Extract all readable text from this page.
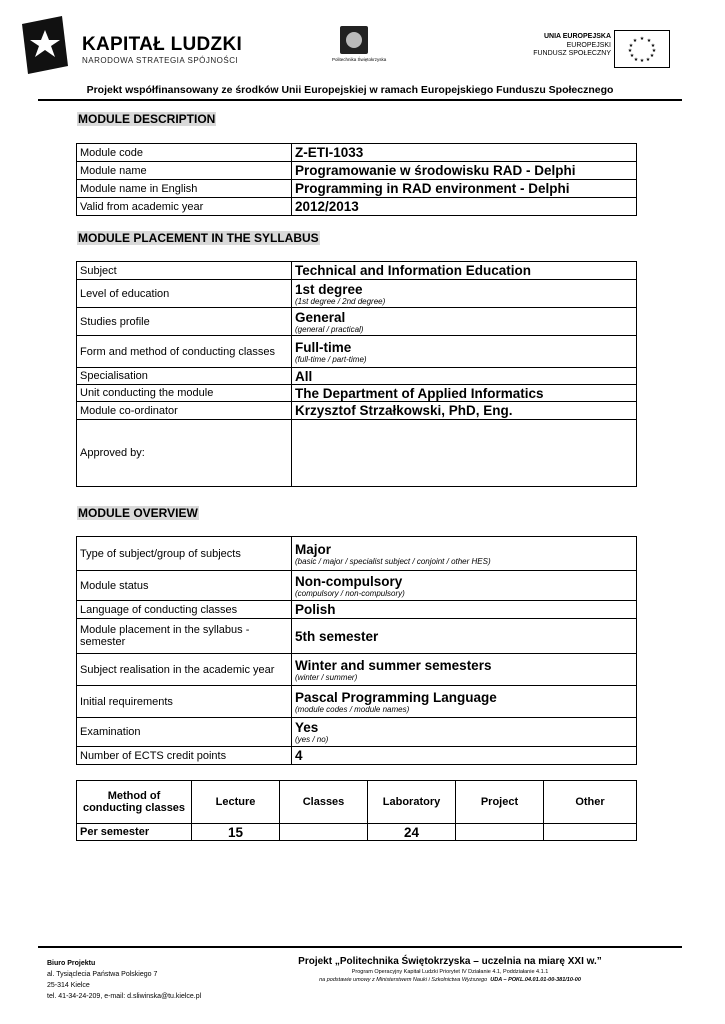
KAPITAŁ LUDZKI
NARODOWA STRATEGIA SPÓJNOŚCI	Politechnika Świętokrzyska
UNIA EUROPEJSKA
EUROPEJSKI
FUNDUSZ SPOŁECZNY
★ ★
★
★
★
★
★
★
★
★
★
★
Projekt współfinansowany ze środków Unii Europejskiej w ramach Europejskiego Funduszu Społecznego
MODULE DESCRIPTION
Module code	Z-ETI-1033
Module name	Programowanie w środowisku RAD - Delphi
Module name in English	Programming in RAD environment - Delphi
Valid from academic year	2012/2013
MODULE PLACEMENT IN THE SYLLABUS
Subject	Technical and Information Education
Level of education	1st degree
(1st degree / 2nd degree)

Studies profile	General
(general / practical)

Form and method of conducting classes	Full-time
(full-time / part-time)

Specialisation	All
Unit conducting the module	The Department of Applied Informatics
Module co-ordinator	Krzysztof Strzałkowski, PhD, Eng.
Approved by:	
MODULE OVERVIEW
Type of subject/group of subjects	Major
(basic / major / specialist subject / conjoint / other HES)

Module status	Non-compulsory
(compulsory / non-compulsory)

Language of conducting classes	Polish
Module placement in the syllabus - semester	5th semester
Subject realisation in the academic year	Winter and summer semesters
(winter / summer)

Initial requirements	Pascal Programming Language
(module codes / module names)

Examination	Yes
(yes / no)

Number of ECTS credit points	4
Method of conducting classes	Lecture	Classes	Laboratory	Project	Other
Per semester	15		24		
Biuro Projektu
al. Tysiąclecia Państwa Polskiego 7
25-314 Kielce
tel. 41-34-24-209, e-mail: d.sliwinska@tu.kielce.pl
Projekt „Politechnika Świętokrzyska – uczelnia na miarę XXI w.”
Program Operacyjny Kapitał Ludzki Priorytet IV Działanie 4.1, Poddziałanie 4.1.1
na podstawie umowy z Ministerstwem Nauki i Szkolnictwa Wyższego UDA – POKL.04.01.01-00-381/10-00
